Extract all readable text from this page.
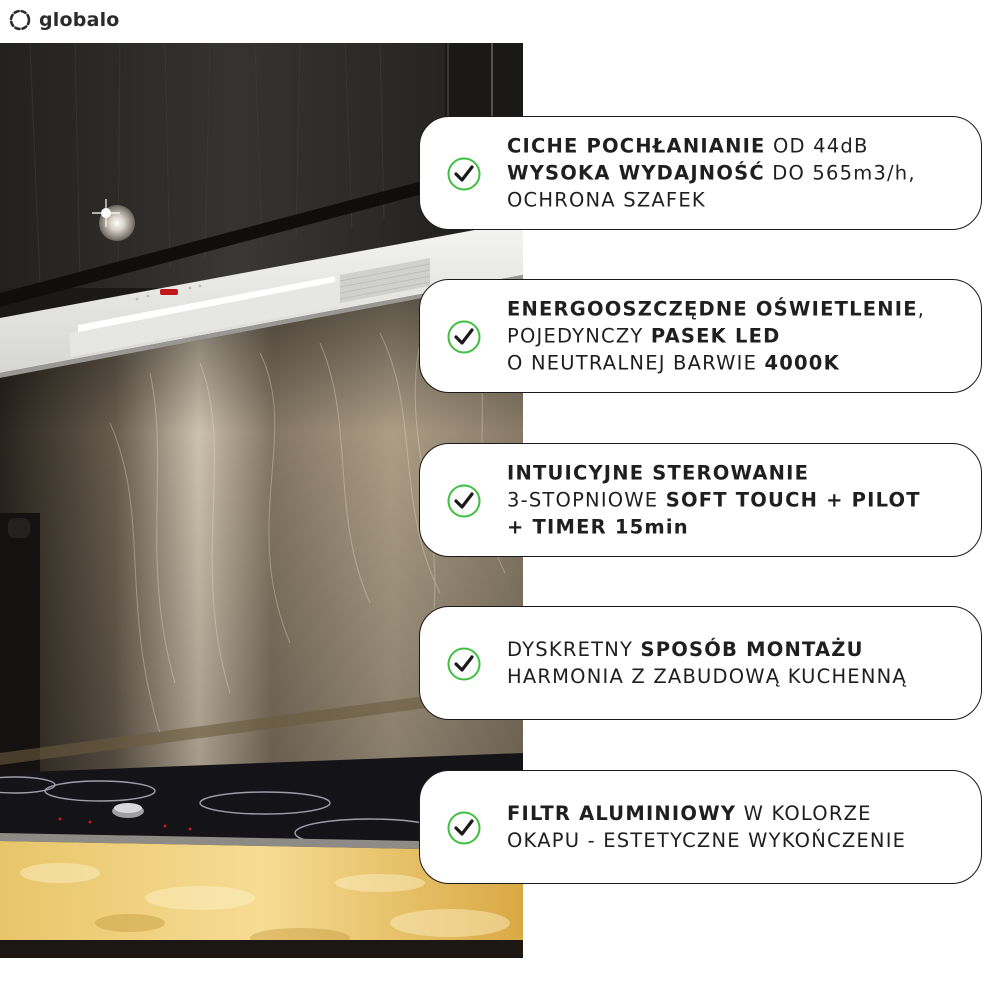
globalo
CICHE POCHŁANIANIE OD 44dB
WYSOKA WYDAJNOŚĆ DO 565m3/h,
OCHRONA SZAFEK
ENERGOOSZCZĘDNE OŚWIETLENIE,
POJEDYNCZY PASEK LED
O NEUTRALNEJ BARWIE 4000K
INTUICYJNE STEROWANIE
3-STOPNIOWE SOFT TOUCH + PILOT
+ TIMER 15min
DYSKRETNY SPOSÓB MONTAŻU
HARMONIA Z ZABUDOWĄ KUCHENNĄ
FILTR ALUMINIOWY W KOLORZE
OKAPU - ESTETYCZNE WYKOŃCZENIE
